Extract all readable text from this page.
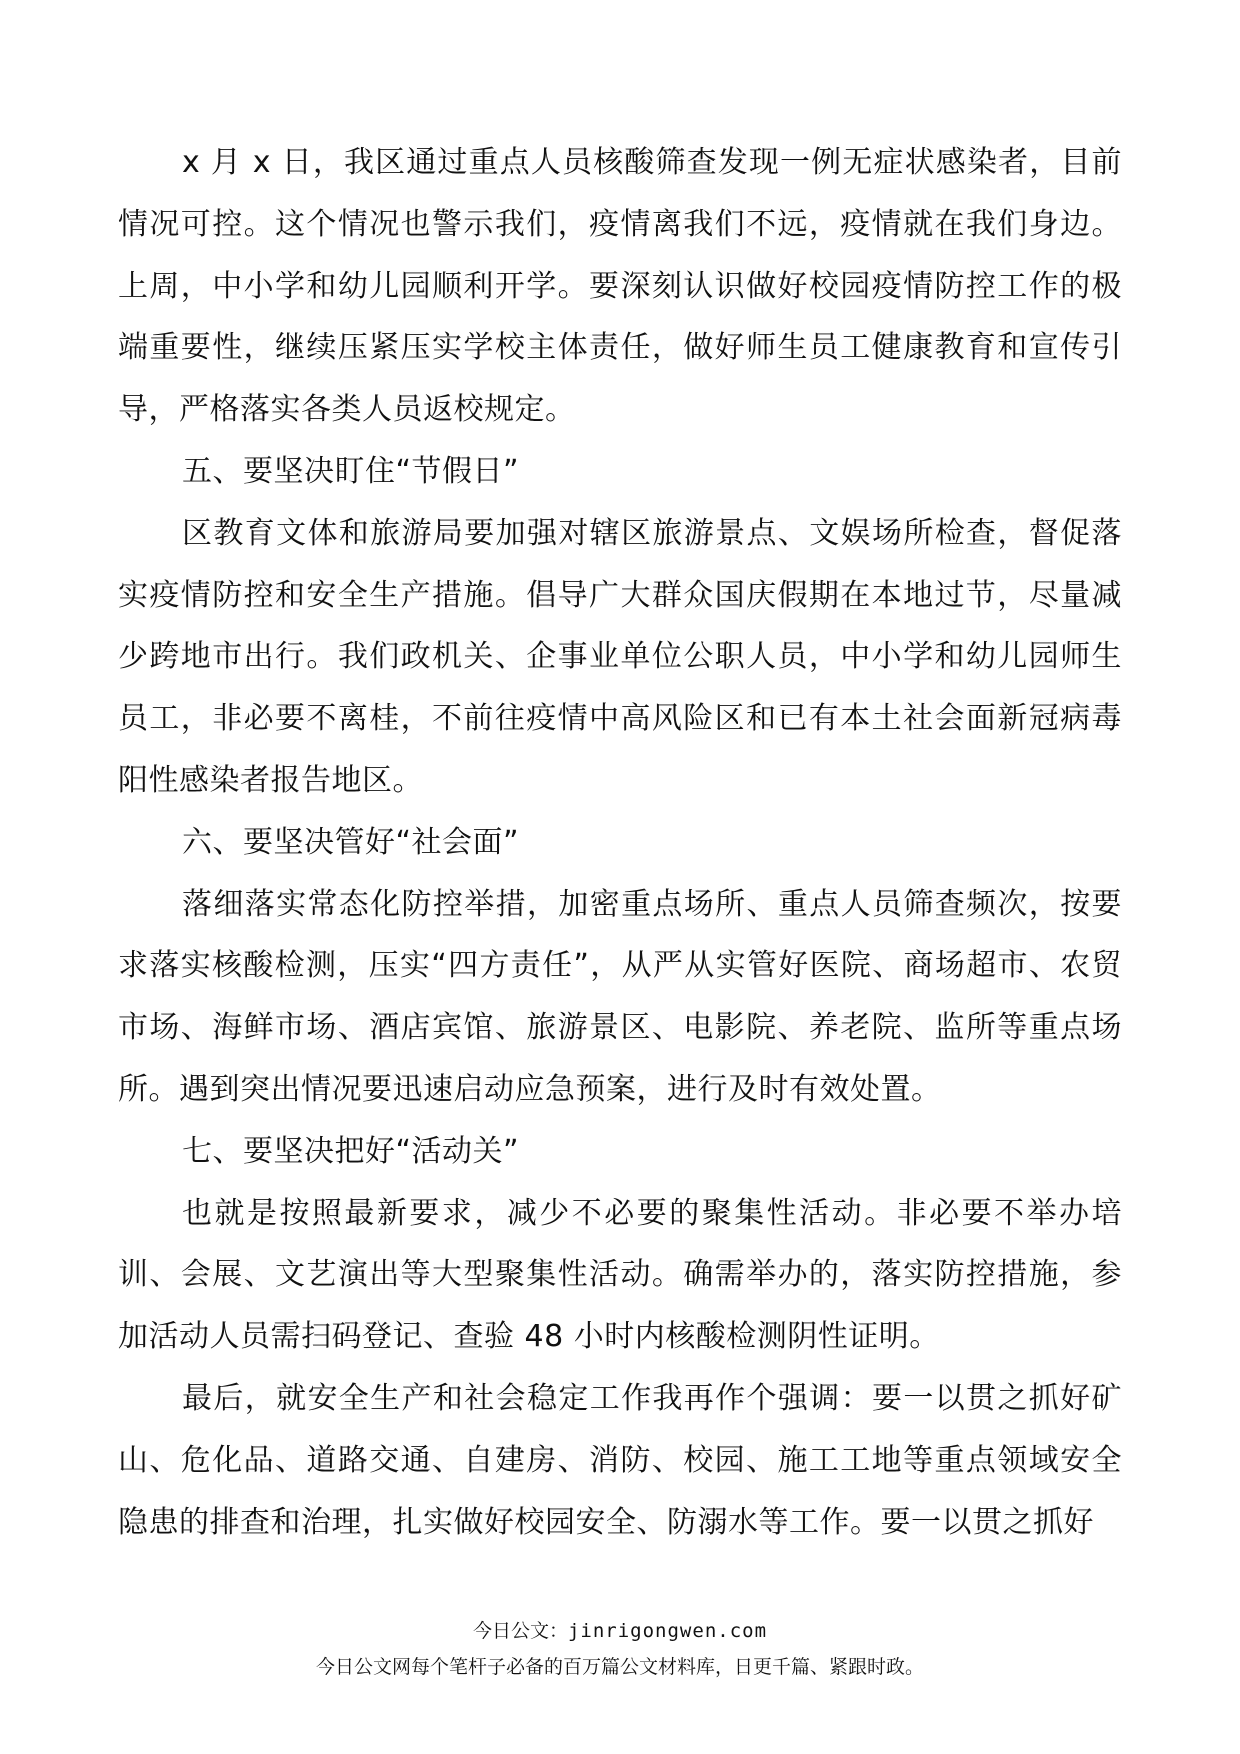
x 月 x 日，我区通过重点人员核酸筛查发现一例无症状感染者，目前情况可控。这个情况也警示我们，疫情离我们不远，疫情就在我们身边。上周，中小学和幼儿园顺利开学。要深刻认识做好校园疫情防控工作的极端重要性，继续压紧压实学校主体责任，做好师生员工健康教育和宣传引导，严格落实各类人员返校规定。

五、要坚决盯住“节假日”

区教育文体和旅游局要加强对辖区旅游景点、文娱场所检查，督促落实疫情防控和安全生产措施。倡导广大群众国庆假期在本地过节，尽量减少跨地市出行。我们政机关、企事业单位公职人员，中小学和幼儿园师生员工，非必要不离桂，不前往疫情中高风险区和已有本土社会面新冠病毒阳性感染者报告地区。

六、要坚决管好“社会面”

落细落实常态化防控举措，加密重点场所、重点人员筛查频次，按要求落实核酸检测，压实“四方责任”，从严从实管好医院、商场超市、农贸市场、海鲜市场、酒店宾馆、旅游景区、电影院、养老院、监所等重点场所。遇到突出情况要迅速启动应急预案，进行及时有效处置。

七、要坚决把好“活动关”

也就是按照最新要求，减少不必要的聚集性活动。非必要不举办培训、会展、文艺演出等大型聚集性活动。确需举办的，落实防控措施，参加活动人员需扫码登记、查验 48 小时内核酸检测阴性证明。

最后，就安全生产和社会稳定工作我再作个强调：要一以贯之抓好矿山、危化品、道路交通、自建房、消防、校园、施工工地等重点领域安全隐患的排查和治理，扎实做好校园安全、防溺水等工作。要一以贯之抓好

今日公文：jinrigongwen.com
今日公文网每个笔杆子必备的百万篇公文材料库，日更千篇、紧跟时政。
